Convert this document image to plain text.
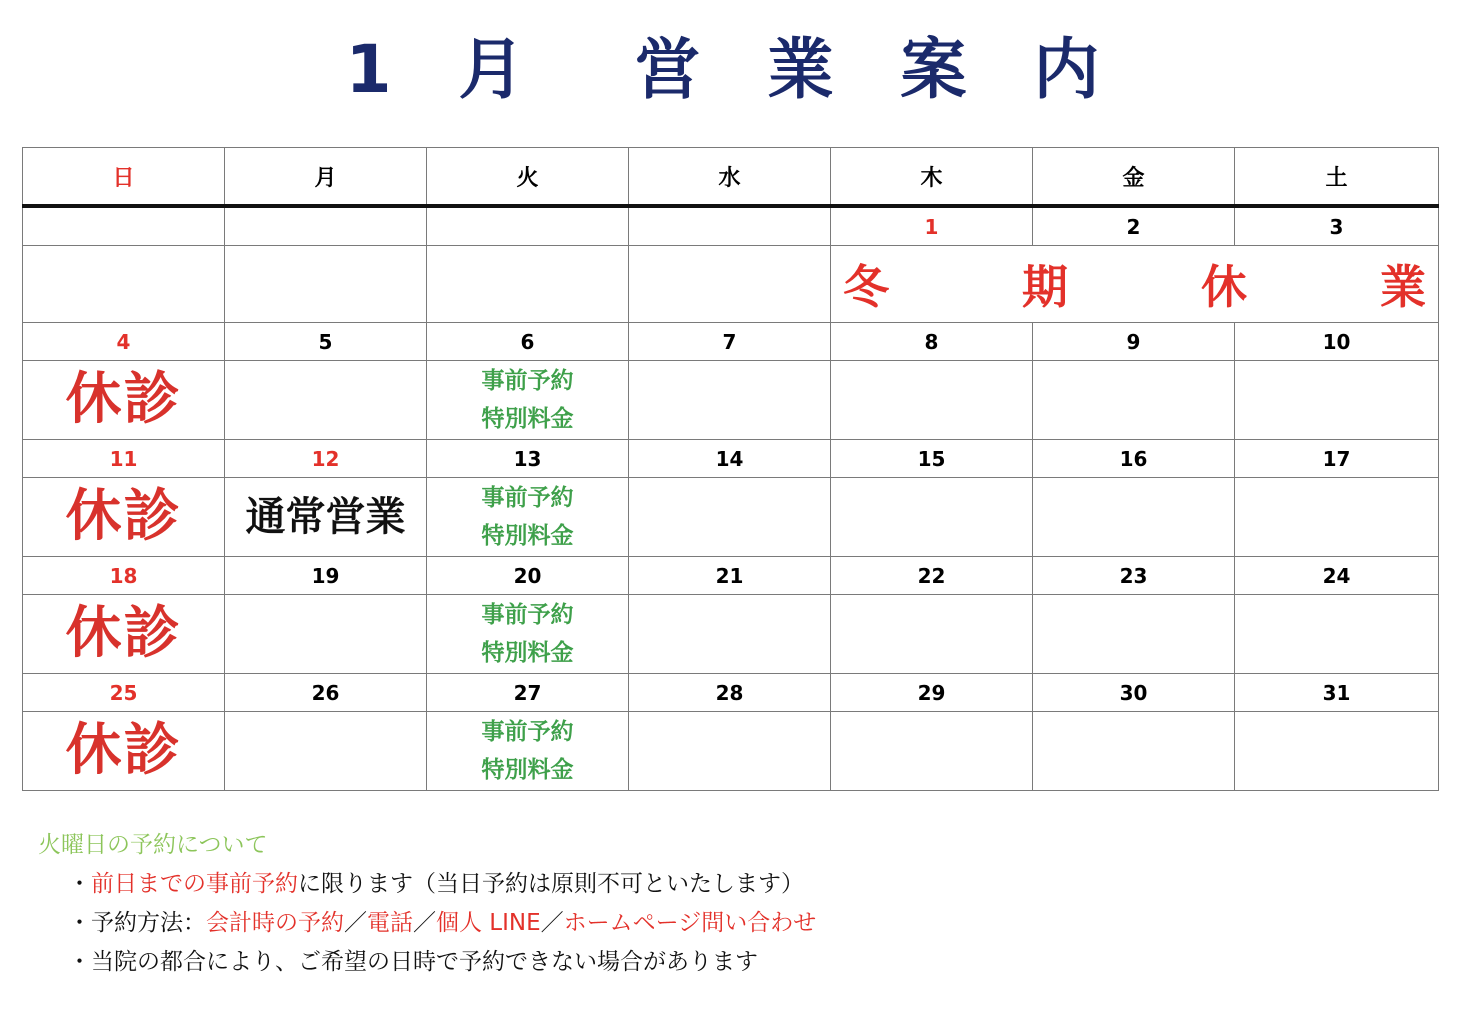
1 月　営 業 案 内
日	月	火	水	木	金	土
				1	2	3

				冬 期 休 業		

4	5	6	7	8	9	10
休診		事前予約
特別料金				

11	12	13	14	15	16	17
休診	通常営業	事前予約
特別料金				

18	19	20	21	22	23	24
休診		事前予約
特別料金				

25	26	27	28	29	30	31
休診		事前予約
特別料金				

火曜日の予約について
・前日までの事前予約に限ります（当日予約は原則不可といたします）
・予約方法：会計時の予約／電話／個人 LINE／ホームページ問い合わせ
・当院の都合により、ご希望の日時で予約できない場合があります
